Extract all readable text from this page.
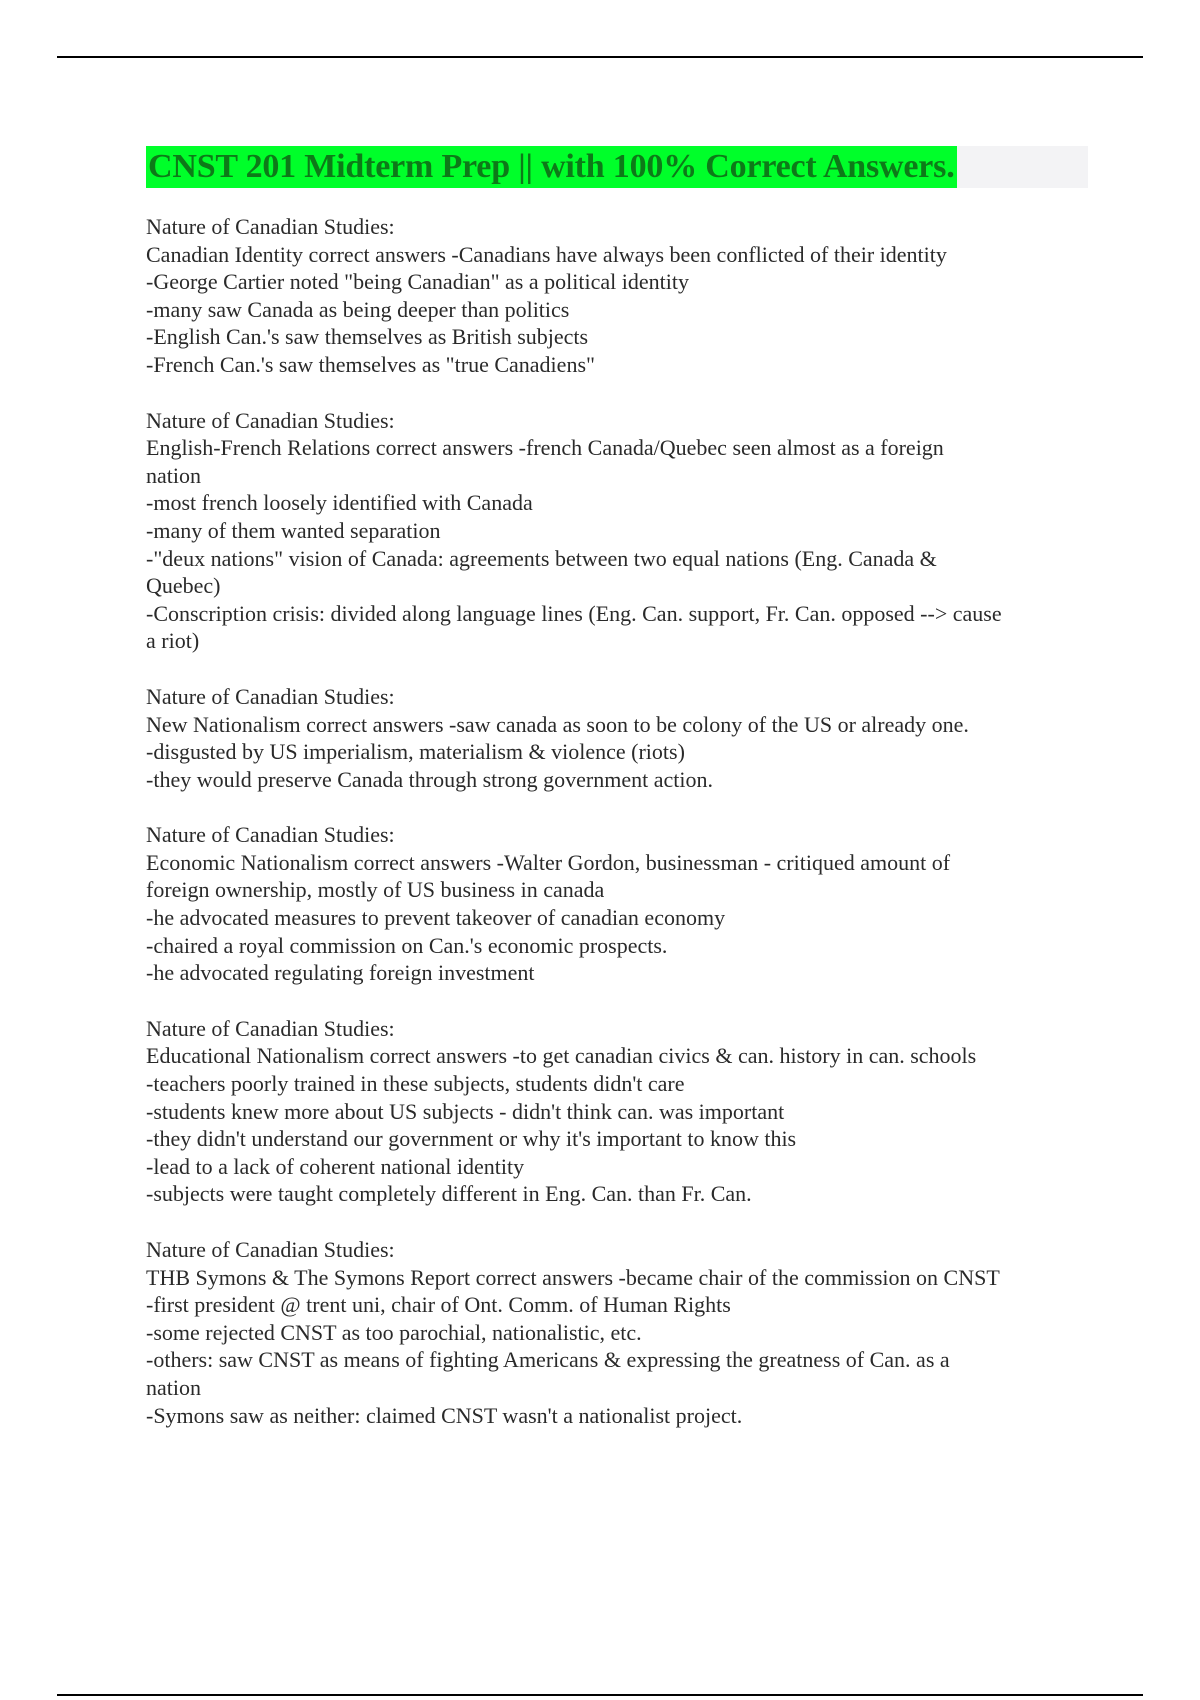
CNST 201 Midterm Prep || with 100% Correct Answers.
Nature of Canadian Studies:
Canadian Identity correct answers -Canadians have always been conflicted of their identity
-George Cartier noted "being Canadian" as a political identity
-many saw Canada as being deeper than politics
-English Can.'s saw themselves as British subjects
-French Can.'s saw themselves as "true Canadiens"
Nature of Canadian Studies:
English-French Relations correct answers -french Canada/Quebec seen almost as a foreign
nation
-most french loosely identified with Canada
-many of them wanted separation
-"deux nations" vision of Canada: agreements between two equal nations (Eng. Canada &
Quebec)
-Conscription crisis: divided along language lines (Eng. Can. support, Fr. Can. opposed --> cause
a riot)
Nature of Canadian Studies:
New Nationalism correct answers -saw canada as soon to be colony of the US or already one.
-disgusted by US imperialism, materialism & violence (riots)
-they would preserve Canada through strong government action.
Nature of Canadian Studies:
Economic Nationalism correct answers -Walter Gordon, businessman - critiqued amount of
foreign ownership, mostly of US business in canada
-he advocated measures to prevent takeover of canadian economy
-chaired a royal commission on Can.'s economic prospects.
-he advocated regulating foreign investment
Nature of Canadian Studies:
Educational Nationalism correct answers -to get canadian civics & can. history in can. schools
-teachers poorly trained in these subjects, students didn't care
-students knew more about US subjects - didn't think can. was important
-they didn't understand our government or why it's important to know this
-lead to a lack of coherent national identity
-subjects were taught completely different in Eng. Can. than Fr. Can.
Nature of Canadian Studies:
THB Symons & The Symons Report correct answers -became chair of the commission on CNST
-first president @ trent uni, chair of Ont. Comm. of Human Rights
-some rejected CNST as too parochial, nationalistic, etc.
-others: saw CNST as means of fighting Americans & expressing the greatness of Can. as a
nation
-Symons saw as neither: claimed CNST wasn't a nationalist project.
